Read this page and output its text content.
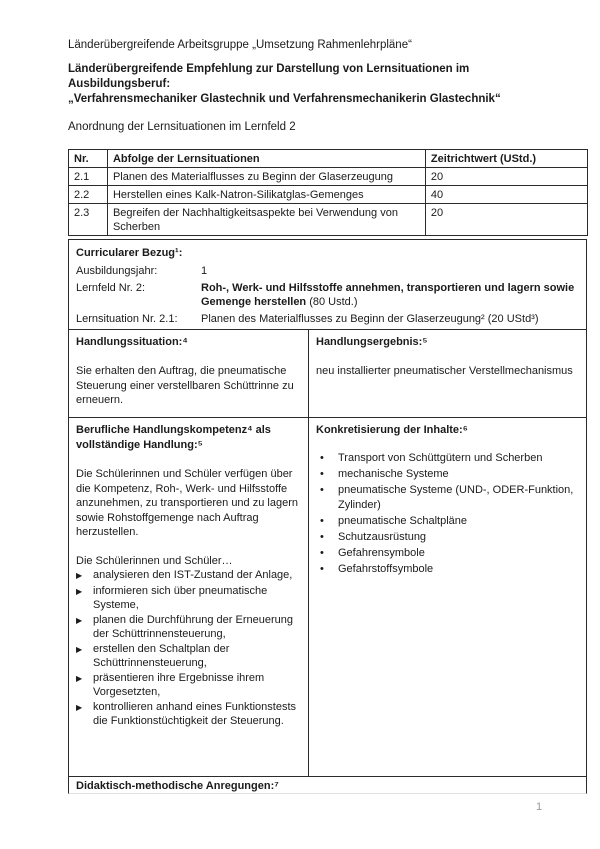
Länderübergreifende Arbeitsgruppe „Umsetzung Rahmenlehrpläne“
Länderübergreifende Empfehlung zur Darstellung von Lernsituationen im
Ausbildungsberuf:
„Verfahrensmechaniker Glastechnik und Verfahrensmechanikerin Glastechnik“
Anordnung der Lernsituationen im Lernfeld 2
Nr.	Abfolge der Lernsituationen	Zeitrichtwert (UStd.)
2.1	Planen des Materialflusses zu Beginn der Glaserzeugung	20
2.2	Herstellen eines Kalk-Natron-Silikatglas-Gemenges	40
2.3	Begreifen der Nachhaltigkeitsaspekte bei Verwendung von Scherben	20
Curricularer Bezug¹:
Ausbildungsjahr:	1
Lernfeld Nr. 2:	Roh-, Werk- und Hilfsstoffe annehmen, transportieren und lagern sowie Gemenge herstellen (80 Ustd.)
Lernsituation Nr. 2.1:	Planen des Materialflusses zu Beginn der Glaserzeugung² (20 UStd³)
Handlungssituation:⁴
Sie erhalten den Auftrag, die pneumatische Steuerung einer verstellbaren Schüttrinne zu erneuern.
Handlungsergebnis:⁵
neu installierter pneumatischer Verstellmechanismus
Berufliche Handlungskompetenz⁴ als vollständige Handlung:⁵
Die Schülerinnen und Schüler verfügen über die Kompetenz, Roh-, Werk- und Hilfsstoffe anzunehmen, zu transportieren und zu lagern sowie Rohstoffgemenge nach Auftrag herzustellen.
Die Schülerinnen und Schüler…
▶ analysieren den IST-Zustand der Anlage,
▶ informieren sich über pneumatische Systeme,
▶ planen die Durchführung der Erneuerung der Schüttrinnensteuerung,
▶ erstellen den Schaltplan der Schüttrinnensteuerung,
▶ präsentieren ihre Ergebnisse ihrem Vorgesetzten,
▶ kontrollieren anhand eines Funktionstests die Funktionstüchtigkeit der Steuerung.
Konkretisierung der Inhalte:⁶
•	Transport von Schüttgütern und Scherben
•	mechanische Systeme
•	pneumatische Systeme (UND-, ODER-Funktion, Zylinder)
•	pneumatische Schaltpläne
•	Schutzausrüstung
•	Gefahrensymbole
•	Gefahrstoffsymbole
Didaktisch-methodische Anregungen:⁷
1
